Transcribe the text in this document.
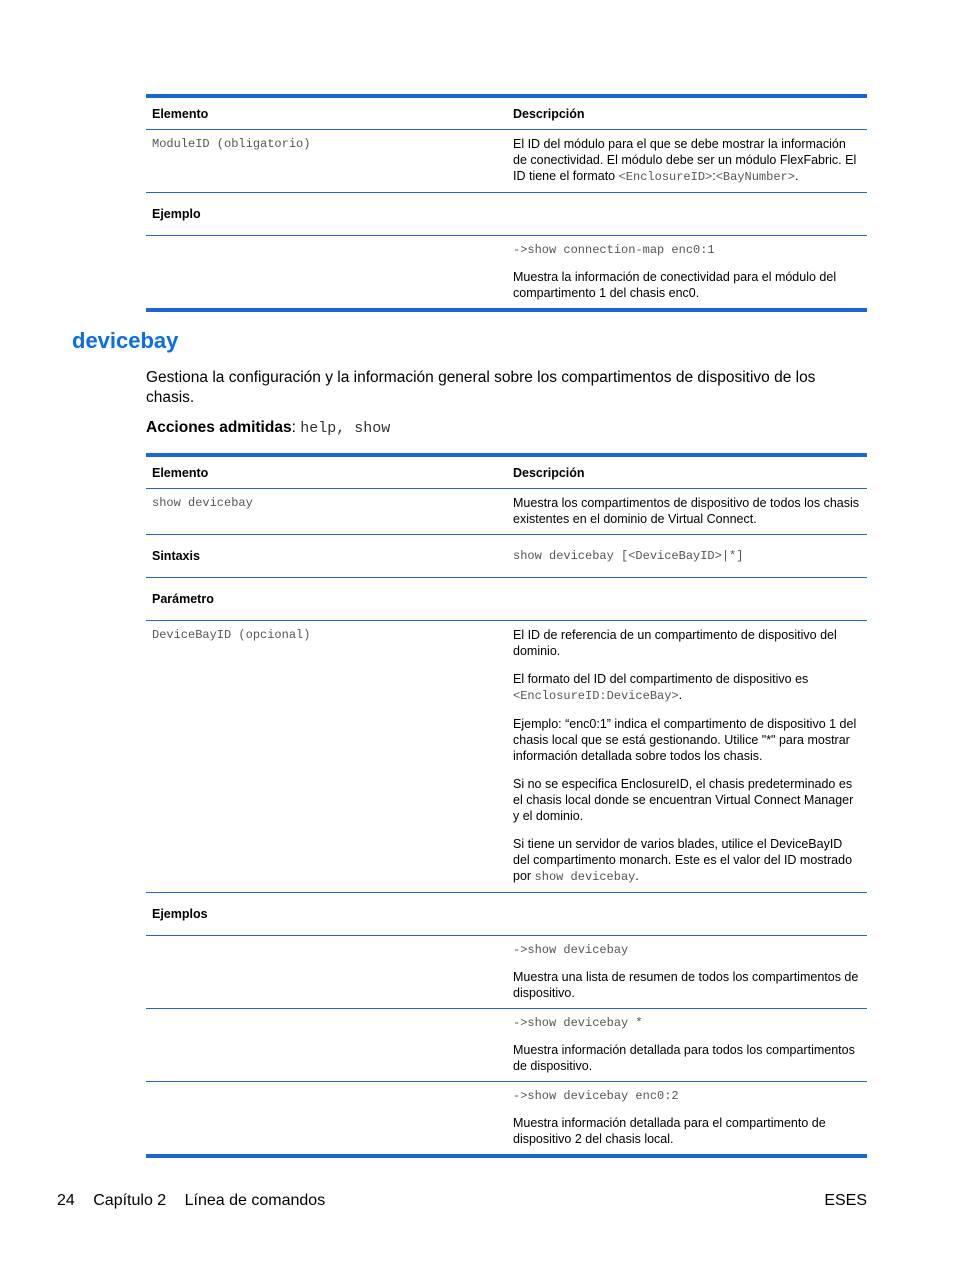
Elemento	Descripción
ModuleID (obligatorio)	El ID del módulo para el que se debe mostrar la información de conectividad. El módulo debe ser un módulo FlexFabric. El ID tiene el formato <EnclosureID>:<BayNumber>.
Ejemplo	

	->show connection-map enc0:1
Muestra la información de conectividad para el módulo del compartimento 1 del chasis enc0.
devicebay

Gestiona la configuración y la información general sobre los compartimentos de dispositivo de los chasis.

Acciones admitidas: help, show

Elemento	Descripción
show devicebay	Muestra los compartimentos de dispositivo de todos los chasis existentes en el dominio de Virtual Connect.
Sintaxis	show devicebay [<DeviceBayID>|*]
Parámetro	
DeviceBayID (opcional)	El ID de referencia de un compartimento de dispositivo del dominio.

El formato del ID del compartimento de dispositivo es <EnclosureID:DeviceBay>.

Ejemplo: “enc0:1” indica el compartimento de dispositivo 1 del chasis local que se está gestionando. Utilice "*" para mostrar información detallada sobre todos los chasis.

Si no se especifica EnclosureID, el chasis predeterminado es el chasis local donde se encuentran Virtual Connect Manager y el dominio.

Si tiene un servidor de varios blades, utilice el DeviceBayID del compartimento monarch. Este es el valor del ID mostrado por show devicebay.

Ejemplos	

	->show devicebay
Muestra una lista de resumen de todos los compartimentos de dispositivo.

	->show devicebay *
Muestra información detallada para todos los compartimentos de dispositivo.

	->show devicebay enc0:2
Muestra información detallada para el compartimento de dispositivo 2 del chasis local.
24 Capítulo 2 Línea de comandos	ESES
